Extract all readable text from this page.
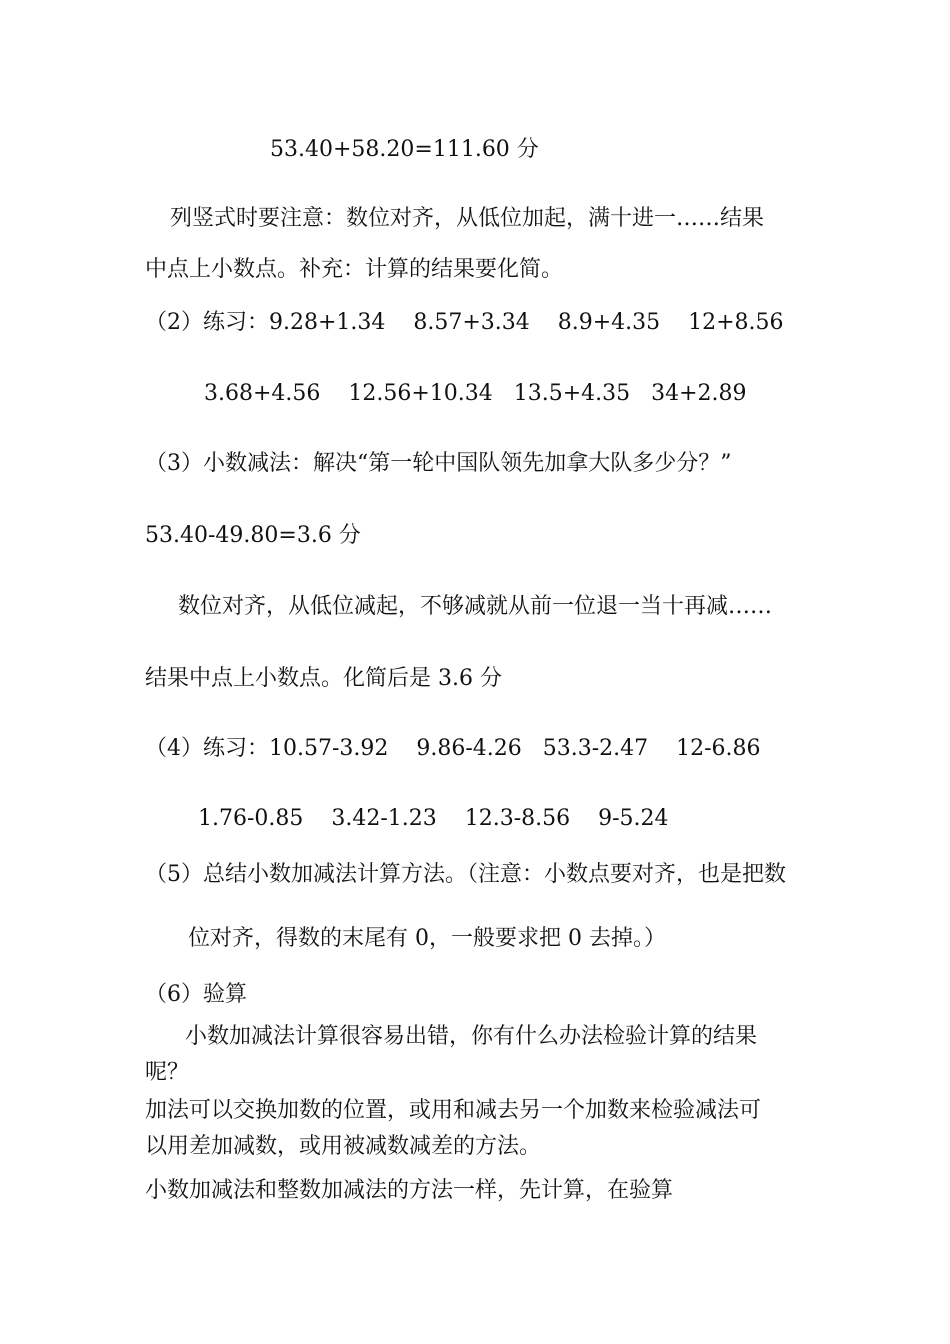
53.40+58.20=111.60 分

列竖式时要注意：数位对齐，从低位加起，满十进一……结果

中点上小数点。补充：计算的结果要化简。

（2）练习：9.28+1.34    8.57+3.34    8.9+4.35    12+8.56

3.68+4.56    12.56+10.34   13.5+4.35   34+2.89

（3）小数减法：解决“第一轮中国队领先加拿大队多少分？”

53.40-49.80=3.6 分

数位对齐，从低位减起，不够减就从前一位退一当十再减……

结果中点上小数点。化简后是 3.6 分

（4）练习：10.57-3.92    9.86-4.26   53.3-2.47    12-6.86

1.76-0.85    3.42-1.23    12.3-8.56    9-5.24

（5）总结小数加减法计算方法。（注意：小数点要对齐，也是把数

位对齐，得数的末尾有 0，一般要求把 0 去掉。）

（6）验算

小数加减法计算很容易出错，你有什么办法检验计算的结果

呢？

加法可以交换加数的位置，或用和减去另一个加数来检验减法可

以用差加减数，或用被减数减差的方法。

小数加减法和整数加减法的方法一样，先计算，在验算
